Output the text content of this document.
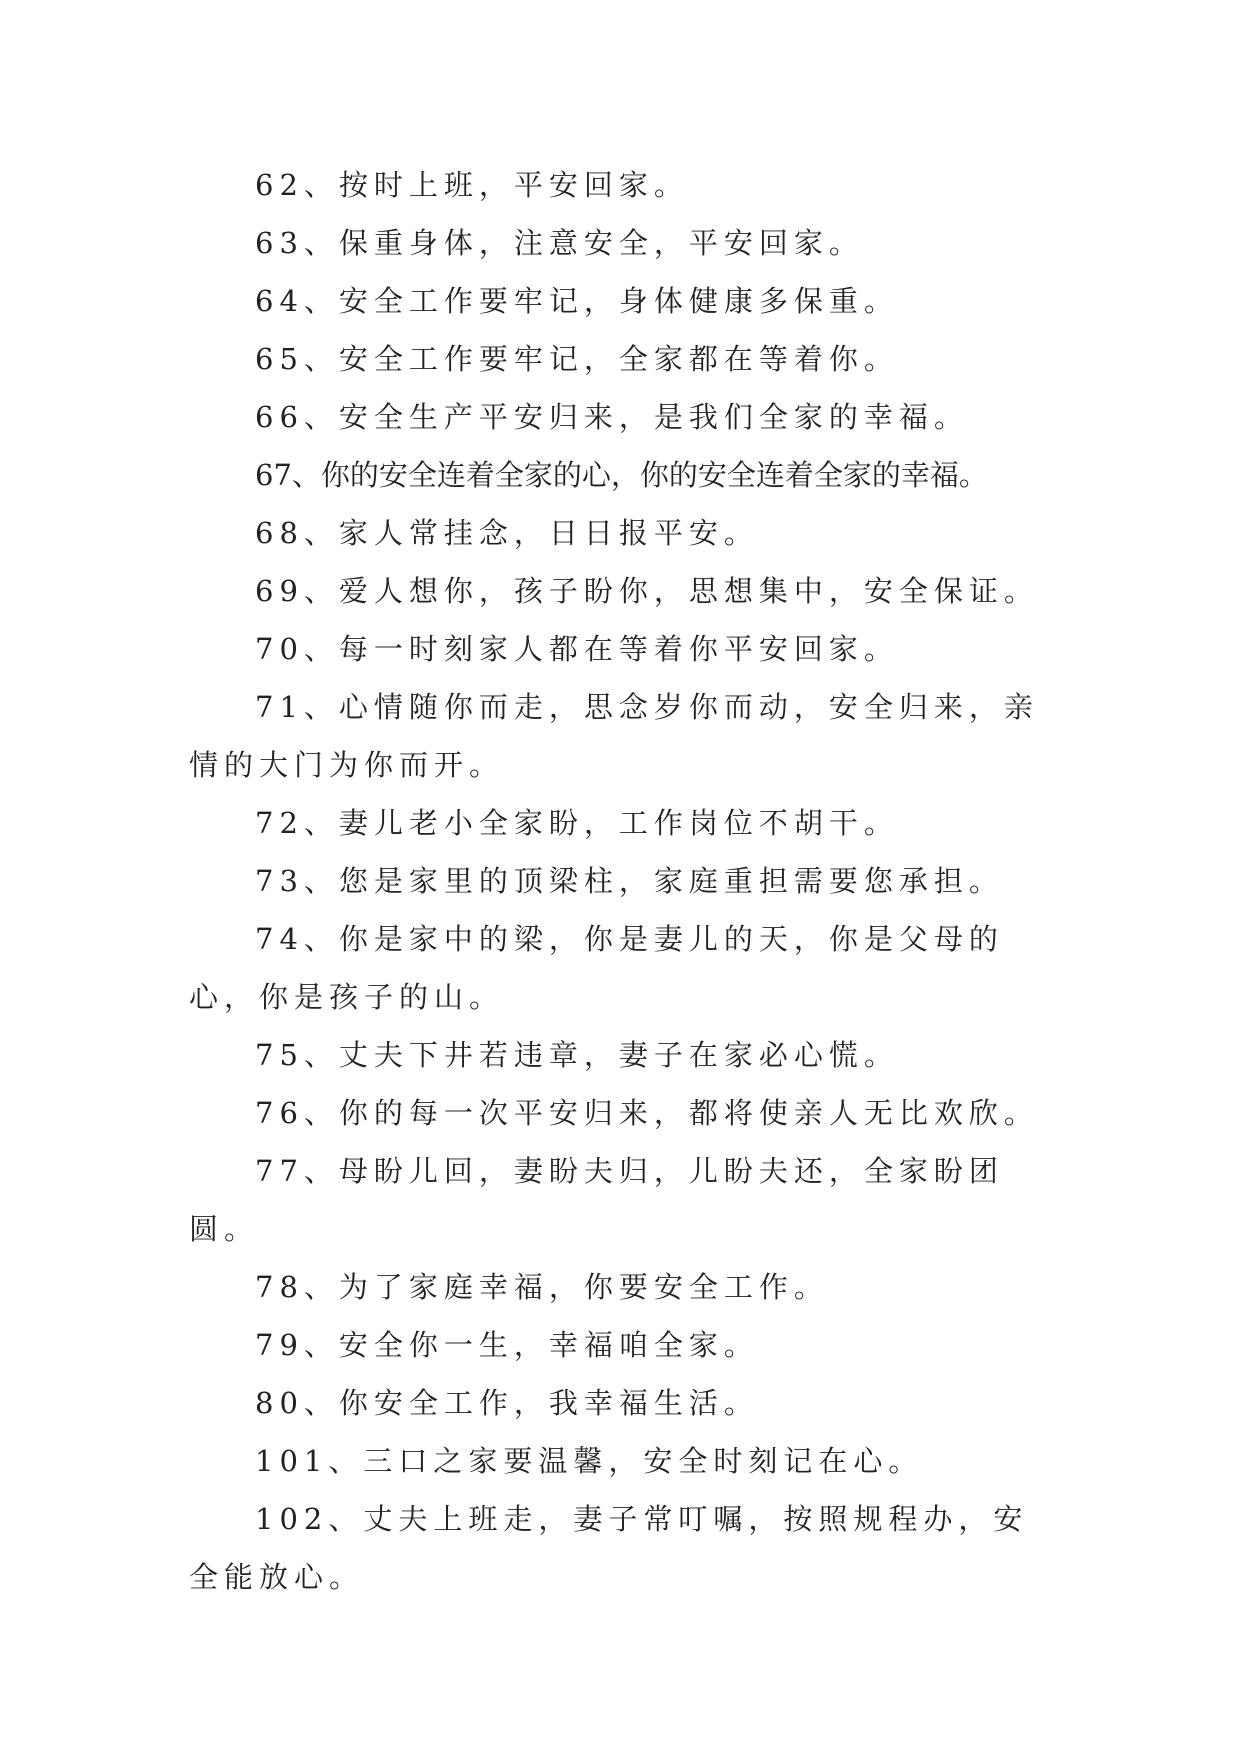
62、按时上班，平安回家。

63、保重身体，注意安全，平安回家。

64、安全工作要牢记，身体健康多保重。

65、安全工作要牢记，全家都在等着你。

66、安全生产平安归来，是我们全家的幸福。

67、你的安全连着全家的心，你的安全连着全家的幸福。

68、家人常挂念，日日报平安。

69、爱人想你，孩子盼你，思想集中，安全保证。

70、每一时刻家人都在等着你平安回家。

71、心情随你而走，思念岁你而动，安全归来，亲情的大门为你而开。

72、妻儿老小全家盼，工作岗位不胡干。

73、您是家里的顶梁柱，家庭重担需要您承担。

74、你是家中的梁，你是妻儿的天，你是父母的心，你是孩子的山。

75、丈夫下井若违章，妻子在家必心慌。

76、你的每一次平安归来，都将使亲人无比欢欣。

77、母盼儿回，妻盼夫归，儿盼夫还，全家盼团圆。

78、为了家庭幸福，你要安全工作。

79、安全你一生，幸福咱全家。

80、你安全工作，我幸福生活。

101、三口之家要温馨，安全时刻记在心。

102、丈夫上班走，妻子常叮嘱，按照规程办，安全能放心。
